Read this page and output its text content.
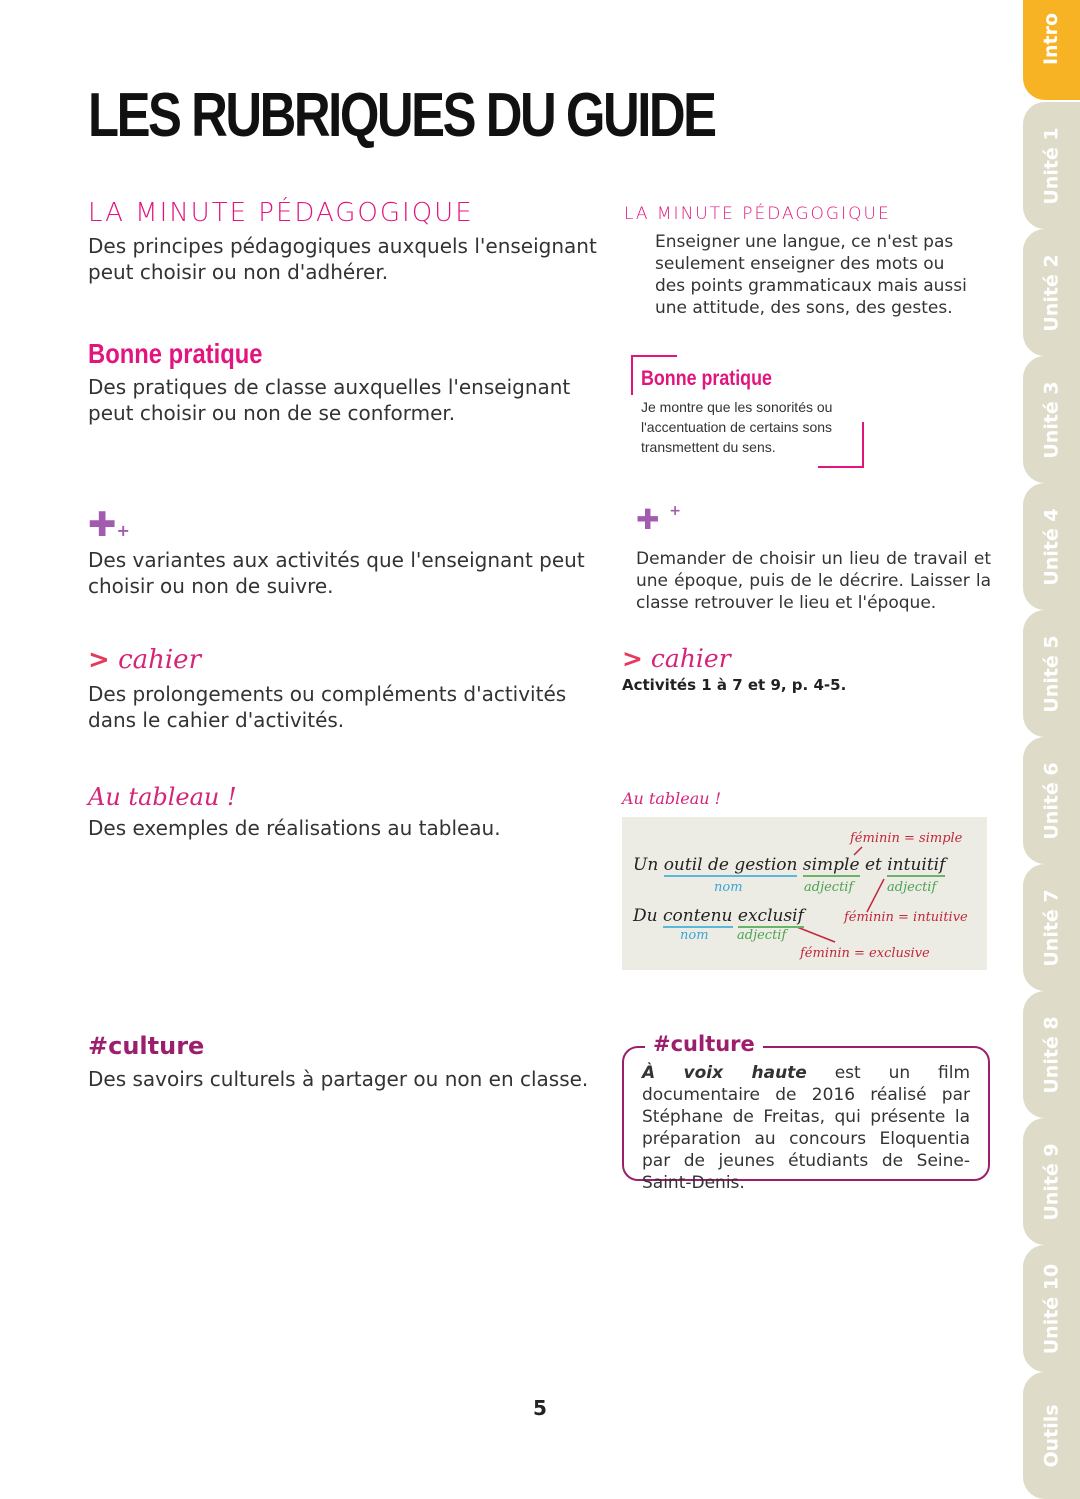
LES RUBRIQUES DU GUIDE
Intro
Unité 1
Unité 2
Unité 3
Unité 4
Unité 5
Unité 6
Unité 7
Unité 8
Unité 9
Unité 10
Outils
LA MINUTE PÉDAGOGIQUE
Des principes pédagogiques auxquels l'enseignant peut choisir ou non d'adhérer.
LA MINUTE PÉDAGOGIQUE
Enseigner une langue, ce n'est pas seulement enseigner des mots ou des points grammaticaux mais aussi une attitude, des sons, des gestes.
Bonne pratique
Des pratiques de classe auxquelles l'enseignant peut choisir ou non de se conformer.
Bonne pratique
Je montre que les sonorités ou l'accentuation de certains sons transmettent du sens.
✚+
Des variantes aux activités que l'enseignant peut choisir ou non de suivre.
✚ +
Demander de choisir un lieu de travail et une époque, puis de le décrire. Laisser la classe retrouver le lieu et l'époque.
> cahier
Des prolongements ou compléments d'activités dans le cahier d'activités.
> cahier
Activités 1 à 7 et 9, p. 4-5.
Au tableau !
Des exemples de réalisations au tableau.
Au tableau !
féminin = simple
Un outil de gestion simple et intuitif
nom	adjectif	adjectif
Du contenu exclusif	féminin = intuitive
nom adjectif
féminin = exclusive
#culture
Des savoirs culturels à partager ou non en classe.
#culture
À voix haute est un film documentaire de 2016 réalisé par Stéphane de Freitas, qui présente la préparation au concours Eloquentia par de jeunes étudiants de Seine-Saint-Denis.
5
